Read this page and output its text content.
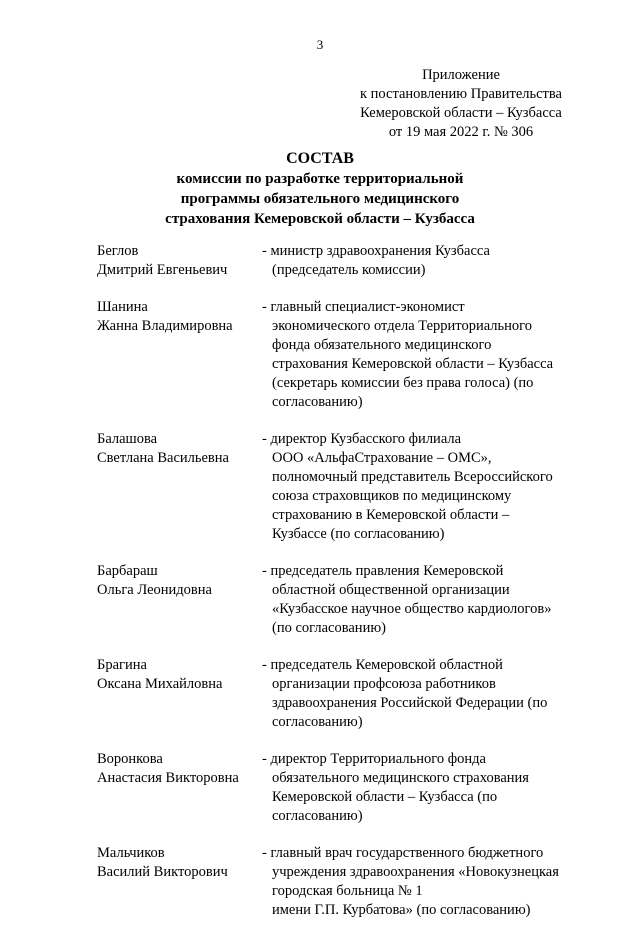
3
Приложение
к постановлению Правительства
Кемеровской области – Кузбасса
от 19 мая 2022 г. № 306
СОСТАВ
комиссии по разработке территориальной
программы обязательного медицинского
страхования Кемеровской области – Кузбасса
Беглов
Дмитрий Евгеньевич
- министр здравоохранения Кузбасса
(председатель комиссии)
Шанина
Жанна Владимировна
- главный специалист-экономист
экономического отдела Территориального
фонда обязательного медицинского
страхования Кемеровской области – Кузбасса
(секретарь комиссии без права голоса) (по
согласованию)
Балашова
Светлана Васильевна
- директор Кузбасского филиала
ООО «АльфаСтрахование – ОМС»,
полномочный представитель Всероссийского
союза страховщиков по медицинскому
страхованию в Кемеровской области –
Кузбассе (по согласованию)
Барбараш
Ольга Леонидовна
- председатель правления Кемеровской
областной общественной организации
«Кузбасское научное общество кардиологов»
(по согласованию)
Брагина
Оксана Михайловна
- председатель Кемеровской областной
организации профсоюза работников
здравоохранения Российской Федерации (по
согласованию)
Воронкова
Анастасия Викторовна
- директор Территориального фонда
обязательного медицинского страхования
Кемеровской области – Кузбасса (по
согласованию)
Мальчиков
Василий Викторович
- главный врач государственного бюджетного
учреждения здравоохранения «Новокузнецкая
городская больница № 1
имени Г.П. Курбатова» (по согласованию)
